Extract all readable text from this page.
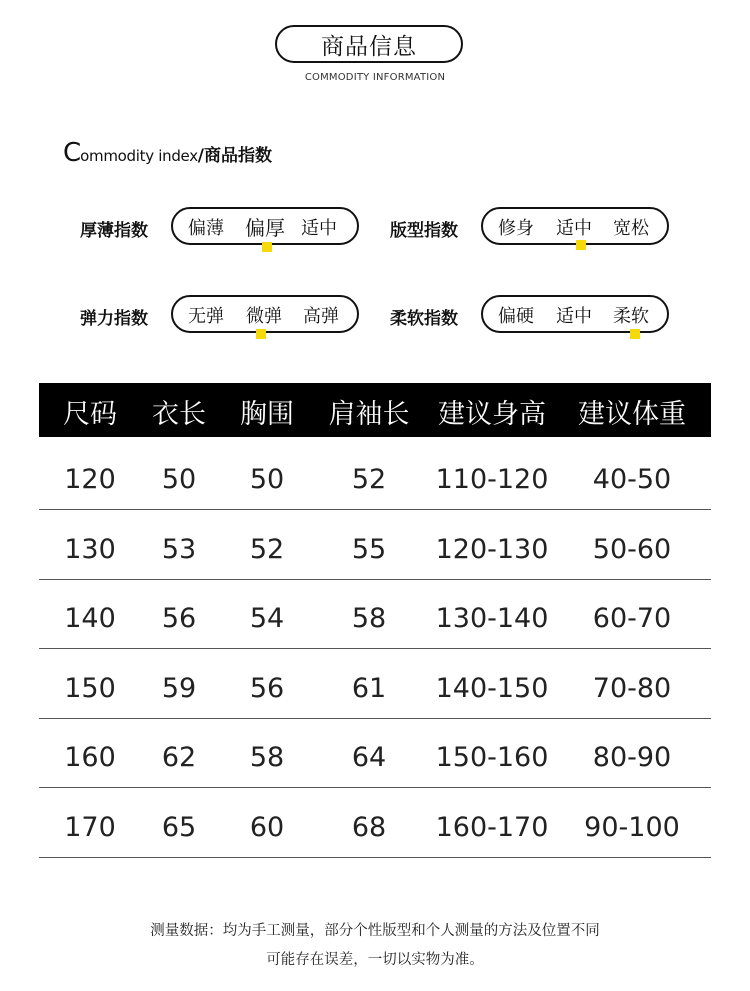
商品信息
COMMODITY INFORMATION
Commodity index/商品指数
厚薄指数 偏薄 偏厚 适中	版型指数 修身 适中 宽松
弹力指数 无弹 微弹 高弹	柔软指数 偏硬 适中 柔软
尺码 衣长 胸围 肩袖长 建议身高 建议体重
120 50 50	52 110-120 40-50
130 53 52	55 120-130 50-60
140 56 54	58 130-140 60-70
150 59 56	61 140-150 70-80
160 62 58	64 150-160 80-90
170 65 60	68 160-170 90-100
测量数据：均为手工测量，部分个性版型和个人测量的方法及位置不同
可能存在误差，一切以实物为准。
